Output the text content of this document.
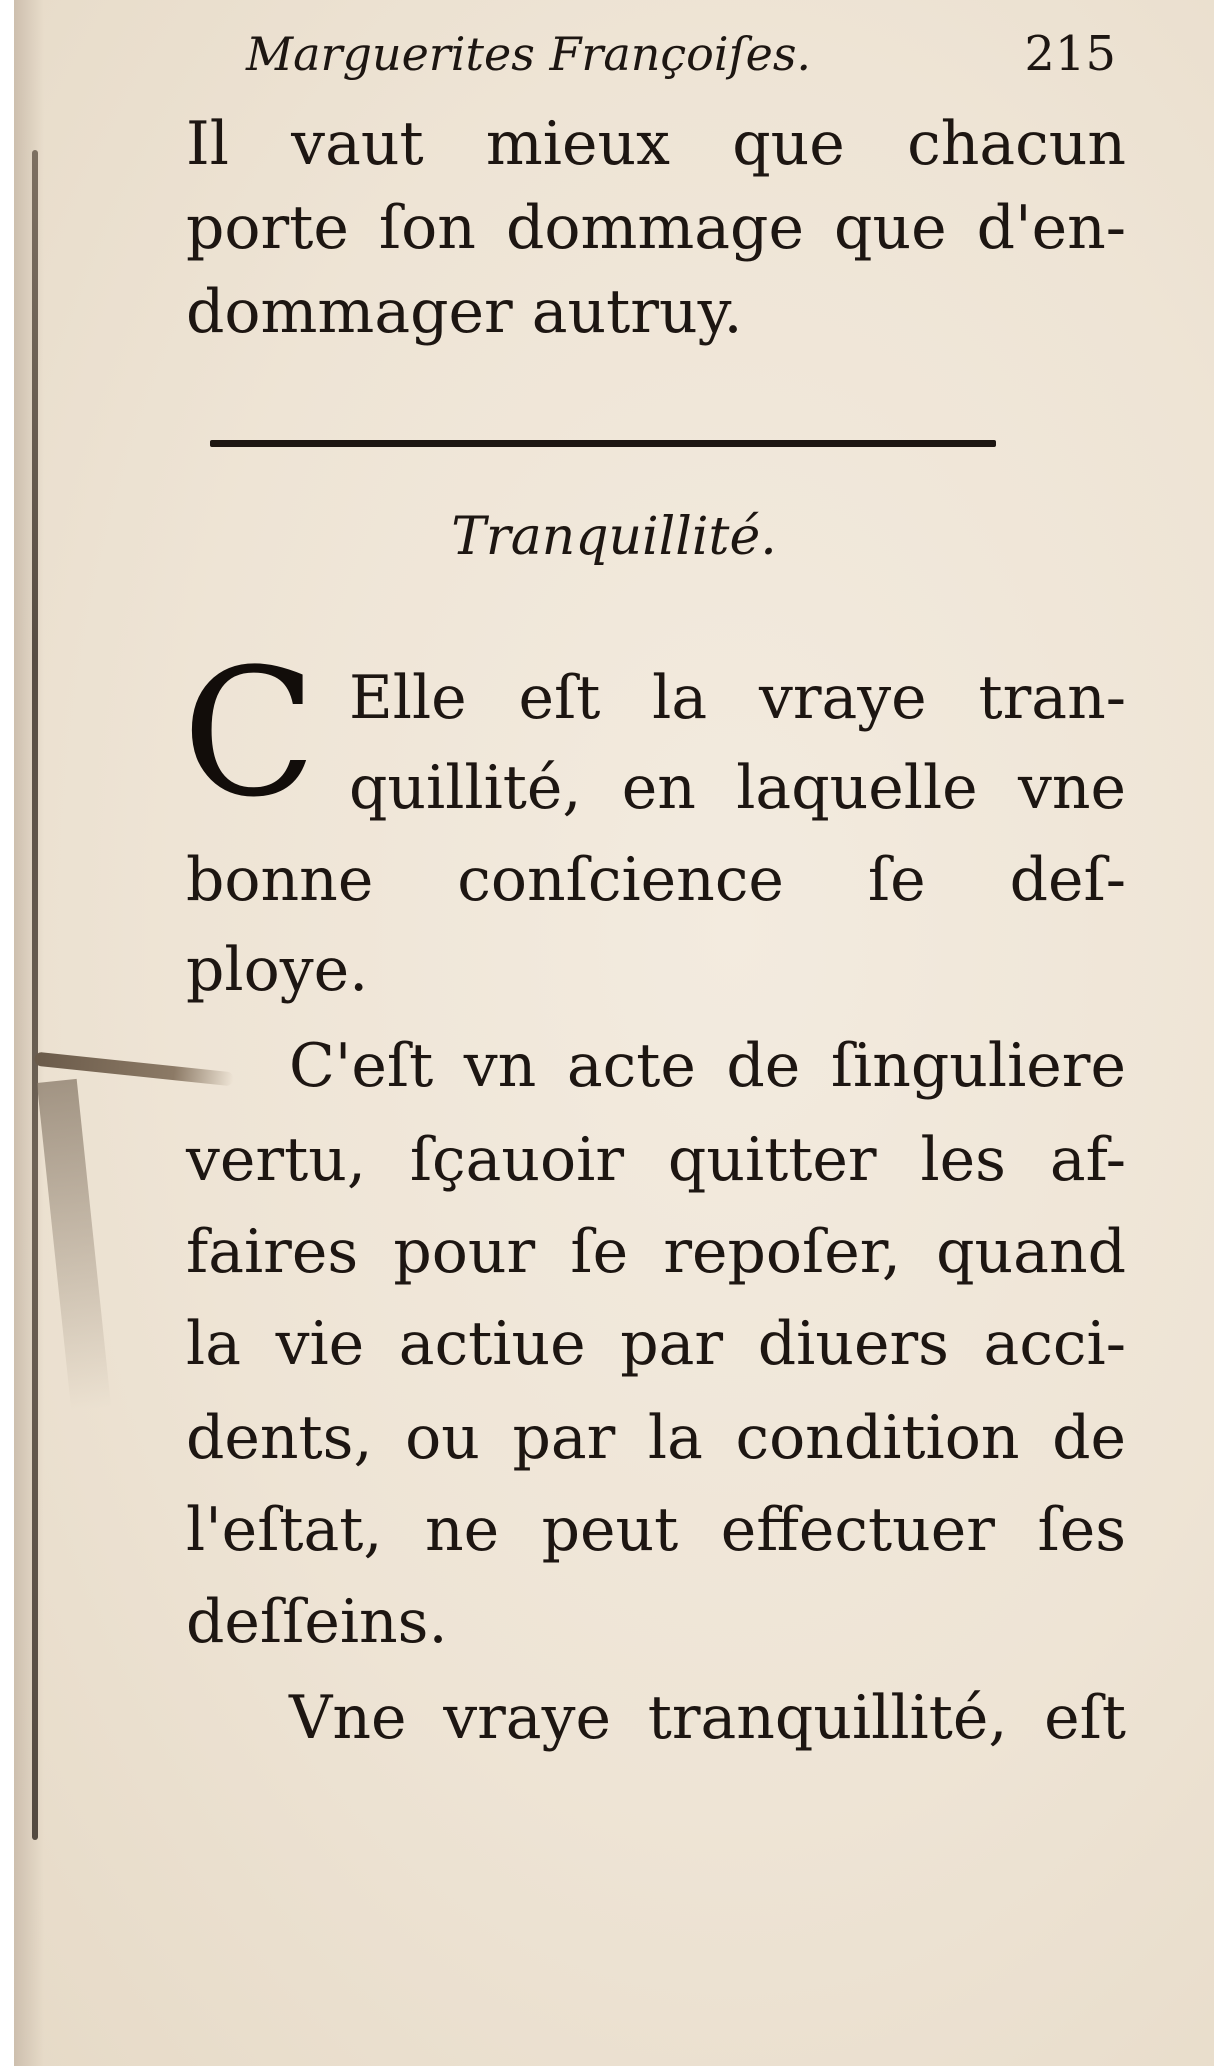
Marguerites Françoiſes.	215
Il vaut mieux que chacun
porte ſon dommage que d'en-
dommager autruy.
Tranquillité.
C Elle eſt la vraye tran-
quillité, en laquelle vne
bonne conſcience ſe deſ-
ploye.
C'eſt vn acte de ſinguliere
vertu, ſçauoir quitter les af-
faires pour ſe repoſer, quand
la vie actiue par diuers acci-
dents, ou par la condition de
l'eſtat, ne peut effectuer ſes
deſſeins.
Vne vraye tranquillité, eſt
